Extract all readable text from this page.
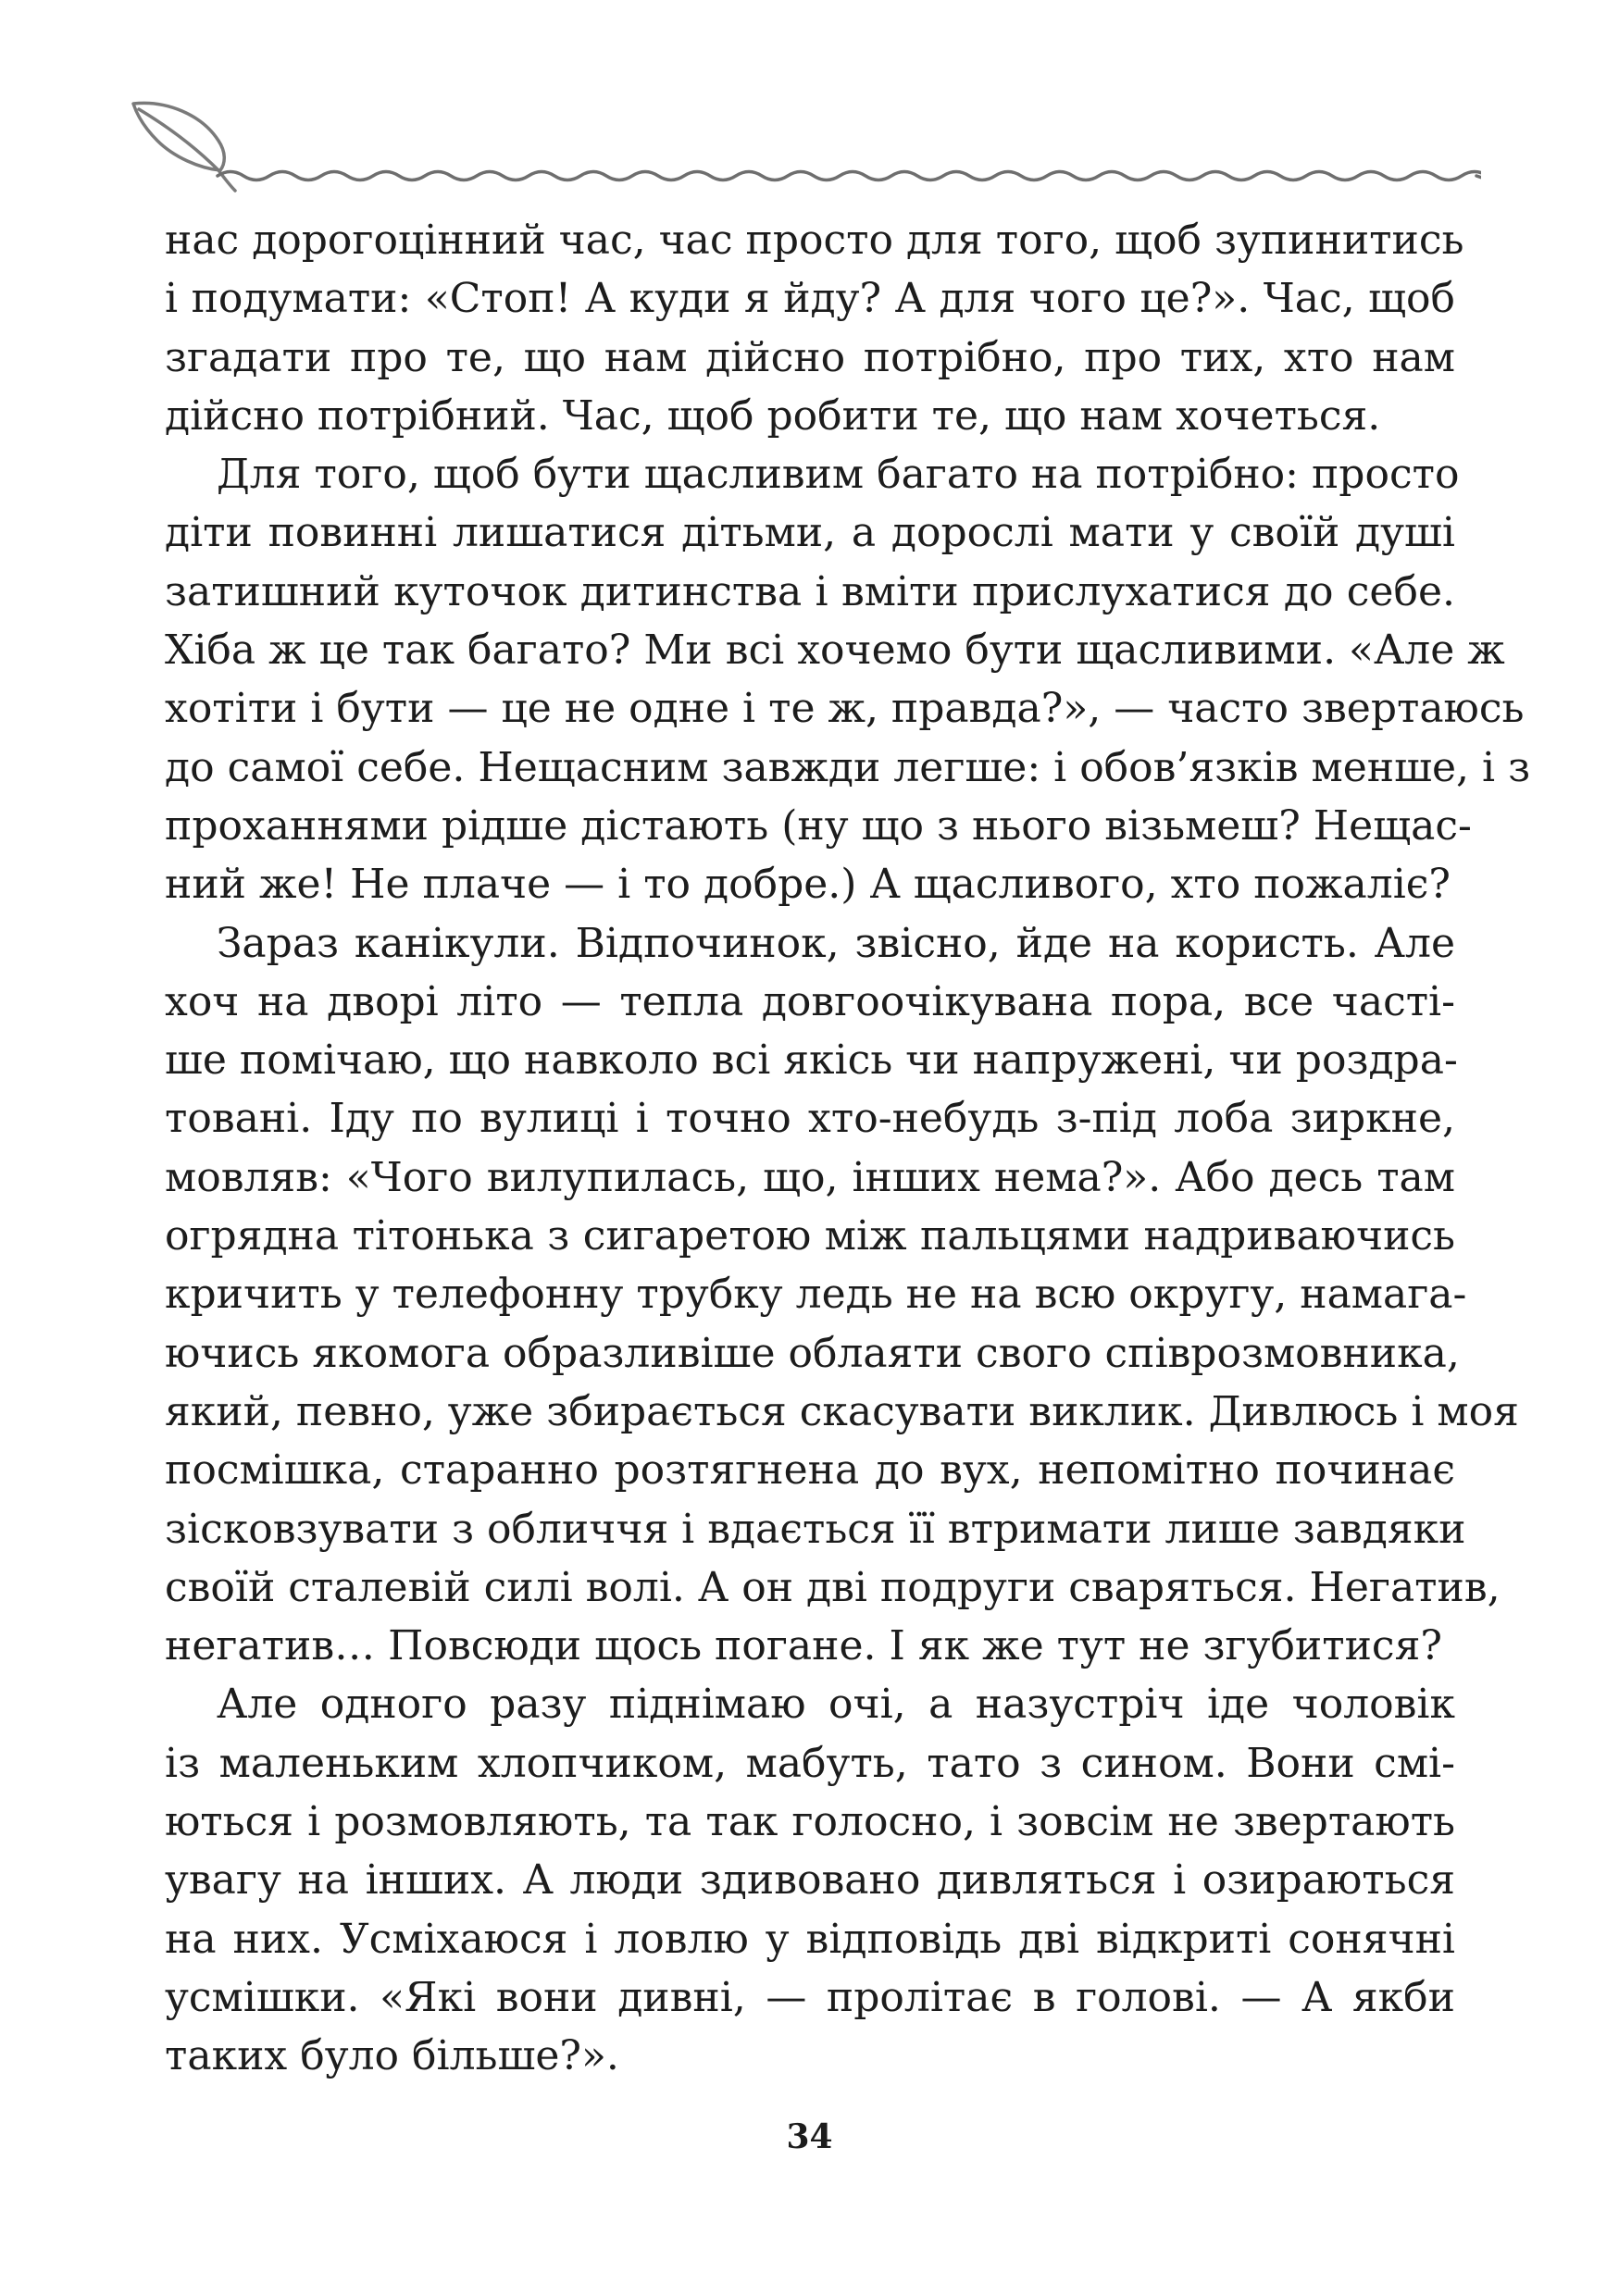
нас дорогоцінний час, час просто для того, щоб зупинитись
і подумати: «Стоп! А куди я йду? А для чого це?». Час, щоб
згадати про те, що нам дійсно потрібно, про тих, хто нам
дійсно потрібний. Час, щоб робити те, що нам хочеться.
Для того, щоб бути щасливим багато на потрібно: просто
діти повинні лишатися дітьми, а дорослі мати у своїй душі
затишний куточок дитинства і вміти прислухатися до себе.
Хіба ж це так багато? Ми всі хочемо бути щасливими. «Але ж
хотіти і бути — це не одне і те ж, правда?», — часто звертаюсь
до самої себе. Нещасним завжди легше: і обов’язків менше, і з
проханнями рідше дістають (ну що з нього візьмеш? Нещас-
ний же! Не плаче — і то добре.) А щасливого, хто пожаліє?
Зараз канікули. Відпочинок, звісно, йде на користь. Але
хоч на дворі літо — тепла довгоочікувана пора, все часті-
ше помічаю, що навколо всі якісь чи напружені, чи роздра-
товані. Іду по вулиці і точно хто-небудь з-під лоба зиркне,
мовляв: «Чого вилупилась, що, інших нема?». Або десь там
огрядна тітонька з сигаретою між пальцями надриваючись
кричить у телефонну трубку ледь не на всю округу, намага-
ючись якомога образливіше облаяти свого співрозмовника,
який, певно, уже збирається скасувати виклик. Дивлюсь і моя
посмішка, старанно розтягнена до вух, непомітно починає
зісковзувати з обличчя і вдається її втримати лише завдяки
своїй сталевій силі волі. А он дві подруги сваряться. Негатив,
негатив… Повсюди щось погане. І як же тут не згубитися?
Але одного разу піднімаю очі, а назустріч іде чоловік
із маленьким хлопчиком, мабуть, тато з сином. Вони смі-
ються і розмовляють, та так голосно, і зовсім не звертають
увагу на інших. А люди здивовано дивляться і озираються
на них. Усміхаюся і ловлю у відповідь дві відкриті сонячні
усмішки. «Які вони дивні, — пролітає в голові. — А якби
таких було більше?».
34
